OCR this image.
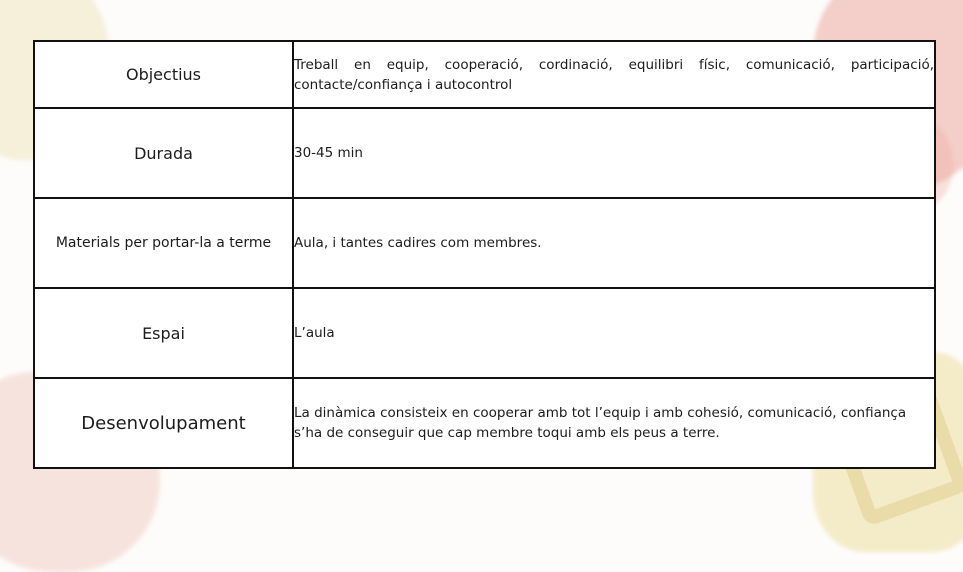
Objectius	Treball en equip, cooperació, cordinació, equilibri físic, comunicació, participació, contacte/confiança i autocontrol
Durada	30-45 min
Materials per portar-la a terme	Aula, i tantes cadires com membres.
Espai	L’aula
Desenvolupament	La dinàmica consisteix en cooperar amb tot l’equip i amb cohesió, comunicació, confiança s’ha de conseguir que cap membre toqui amb els peus a terre.
